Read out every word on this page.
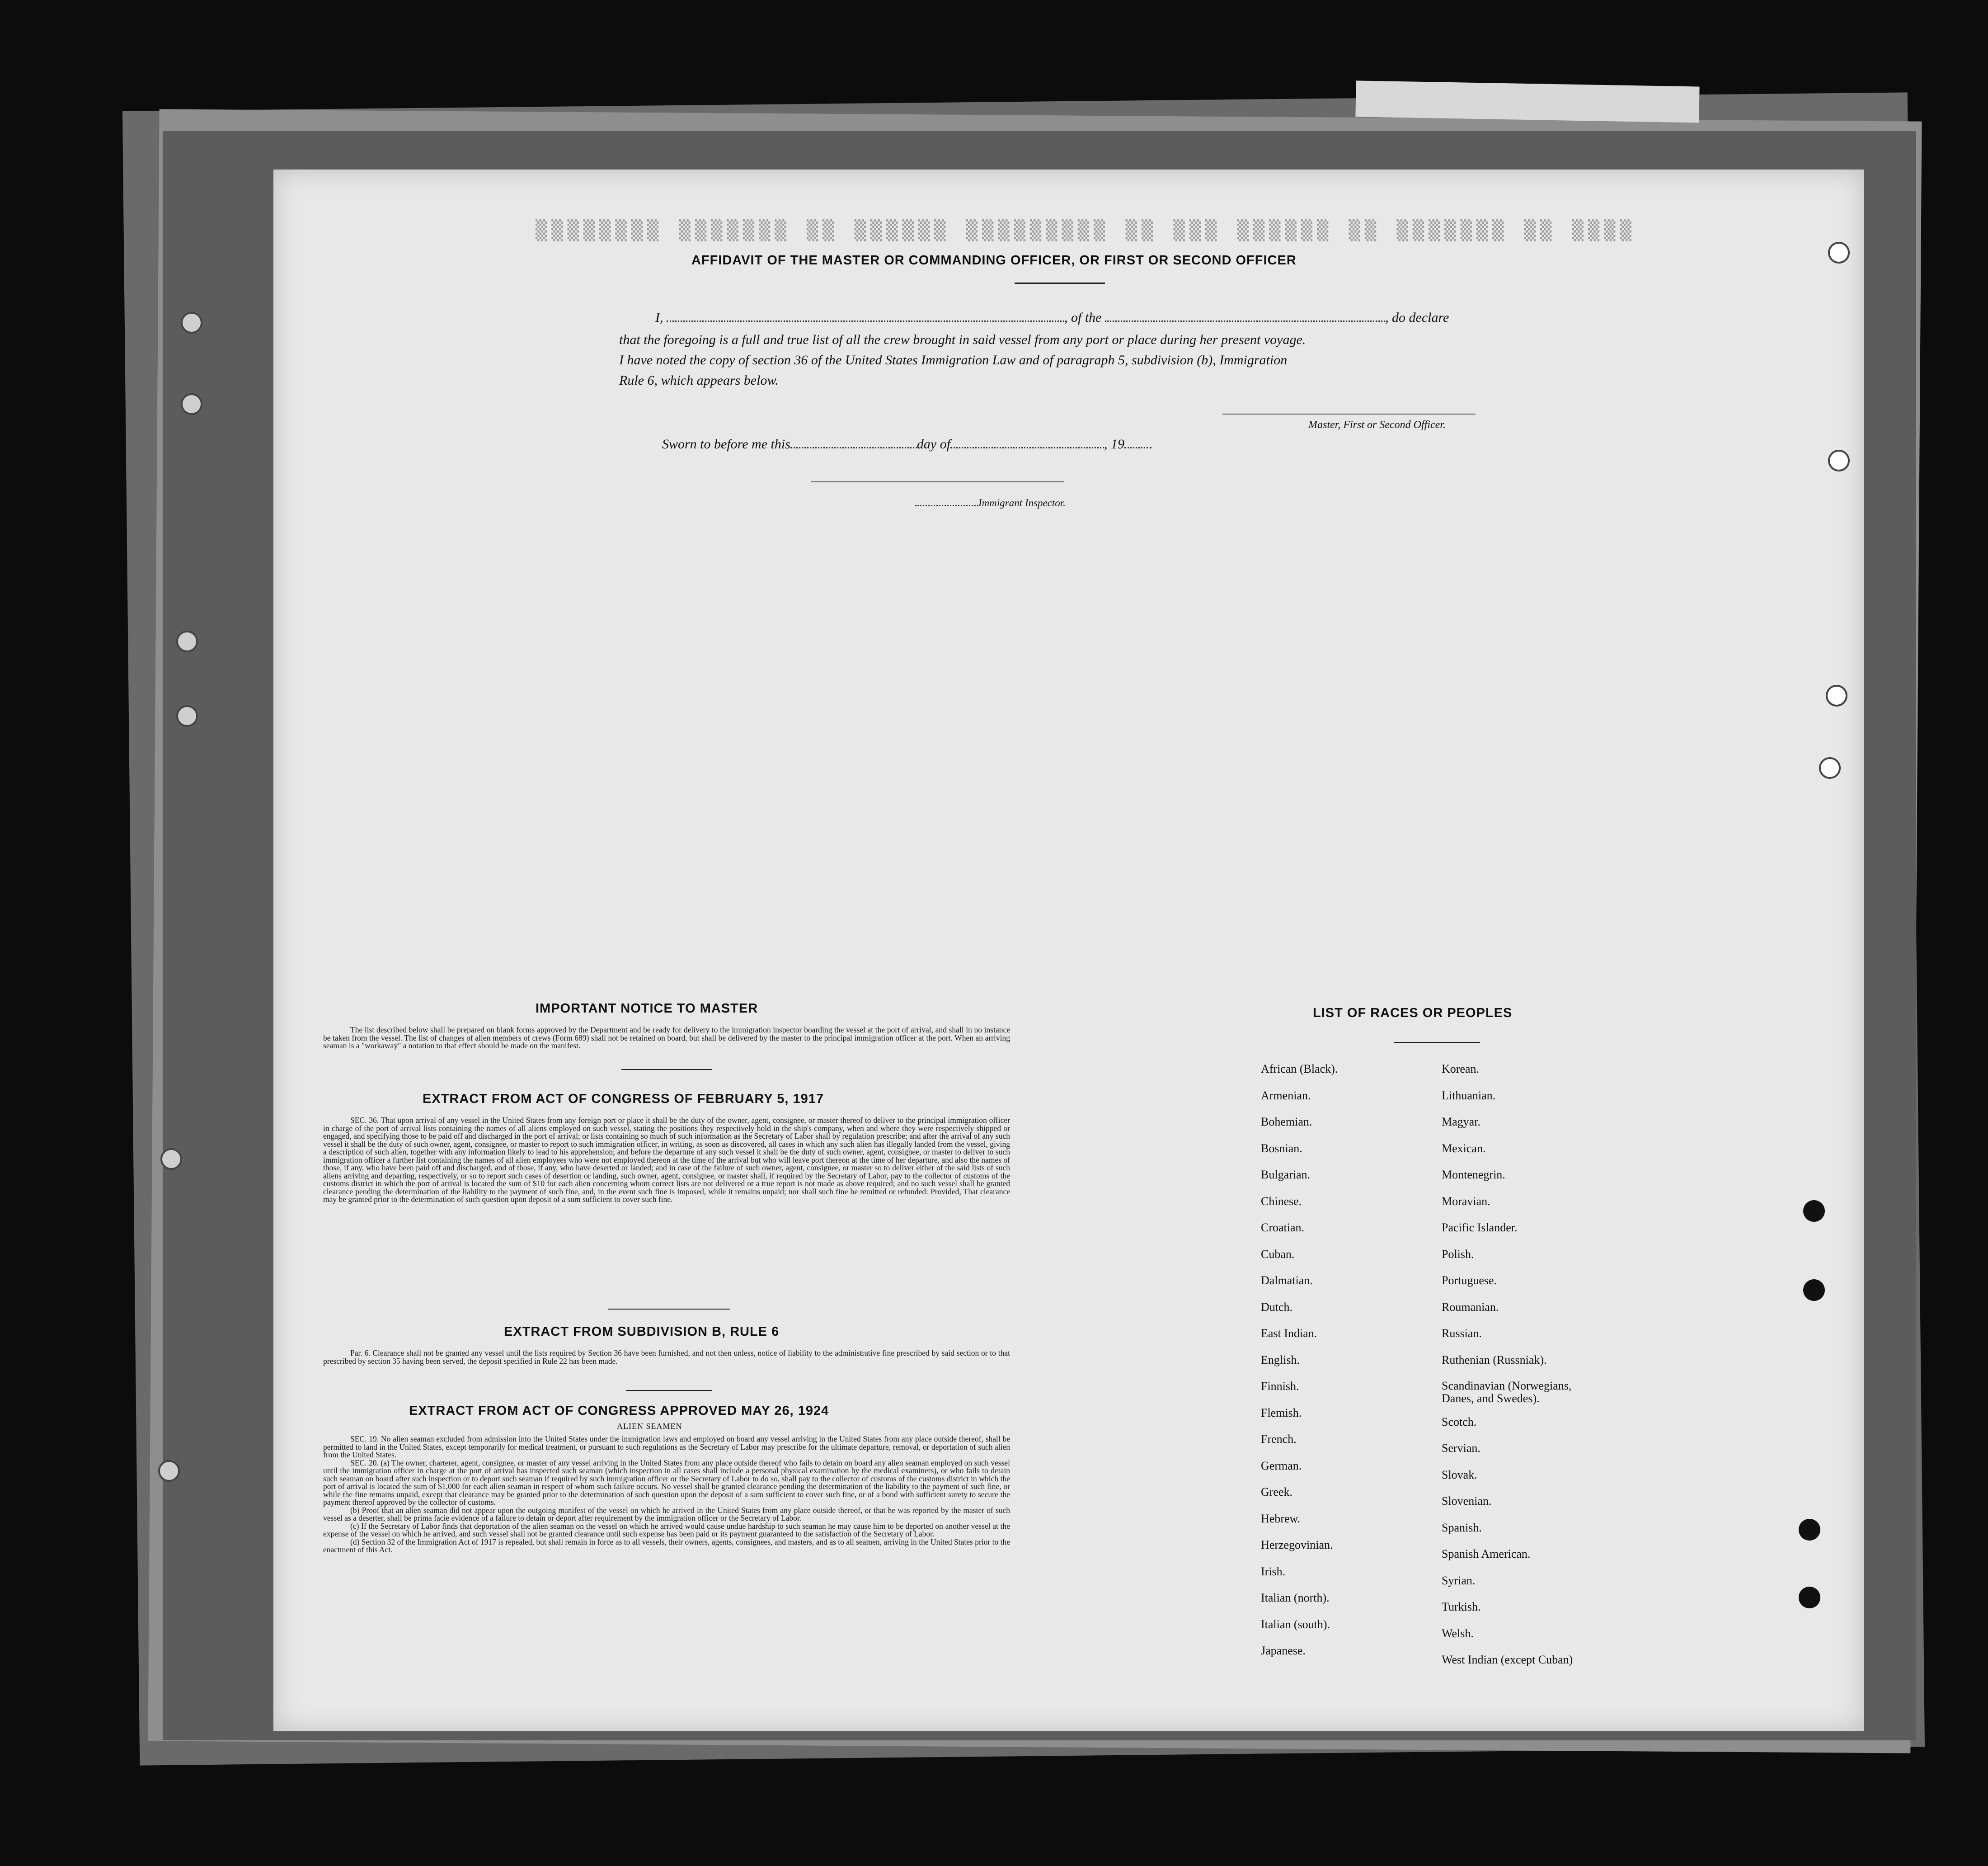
▒▒▒▒▒▒▒▒ ▒▒▒▒▒▒▒ ▒▒ ▒▒▒▒▒▒ ▒▒▒▒▒▒▒▒▒ ▒▒ ▒▒▒ ▒▒▒▒▒▒ ▒▒ ▒▒▒▒▒▒▒ ▒▒ ▒▒▒▒
AFFIDAVIT OF THE MASTER OR COMMANDING OFFICER, OR FIRST OR SECOND OFFICER
I,	, of the	, do declare
that the foregoing is a full and true list of all the crew brought in said vessel from any port or place during her present voyage.
I have noted the copy of section 36 of the United States Immigration Law and of paragraph 5, subdivision (b), Immigration
Rule 6, which appears below.
Master, First or Second Officer.
Sworn to before me this	day of	, 19
Immigrant Inspector.
IMPORTANT NOTICE TO MASTER

The list described below shall be prepared on blank forms approved by the Department and be ready for delivery to the immigration inspector boarding the vessel at the port of arrival, and shall in no instance be taken from the vessel. The list of changes of alien members of crews (Form 689) shall not be retained on board, but shall be delivered by the master to the principal immigration officer at the port. When an arriving seaman is a "workaway" a notation to that effect should be made on the manifest.

EXTRACT FROM ACT OF CONGRESS OF FEBRUARY 5, 1917

SEC. 36. That upon arrival of any vessel in the United States from any foreign port or place it shall be the duty of the owner, agent, consignee, or master thereof to deliver to the principal immigration officer in charge of the port of arrival lists containing the names of all aliens employed on such vessel, stating the positions they respectively hold in the ship's company, when and where they were respectively shipped or engaged, and specifying those to be paid off and discharged in the port of arrival; or lists containing so much of such information as the Secretary of Labor shall by regulation prescribe; and after the arrival of any such vessel it shall be the duty of such owner, agent, consignee, or master to report to such immigration officer, in writing, as soon as discovered, all cases in which any such alien has illegally landed from the vessel, giving a description of such alien, together with any information likely to lead to his apprehension; and before the departure of any such vessel it shall be the duty of such owner, agent, consignee, or master to deliver to such immigration officer a further list containing the names of all alien employees who were not employed thereon at the time of the arrival but who will leave port thereon at the time of her departure, and also the names of those, if any, who have been paid off and discharged, and of those, if any, who have deserted or landed; and in case of the failure of such owner, agent, consignee, or master so to deliver either of the said lists of such aliens arriving and departing, respectively, or so to report such cases of desertion or landing, such owner, agent, consignee, or master shall, if required by the Secretary of Labor, pay to the collector of customs of the customs district in which the port of arrival is located the sum of $10 for each alien concerning whom correct lists are not delivered or a true report is not made as above required; and no such vessel shall be granted clearance pending the determination of the liability to the payment of such fine, and, in the event such fine is imposed, while it remains unpaid; nor shall such fine be remitted or refunded: Provided, That clearance may be granted prior to the determination of such question upon deposit of a sum sufficient to cover such fine.

EXTRACT FROM SUBDIVISION B, RULE 6

Par. 6. Clearance shall not be granted any vessel until the lists required by Section 36 have been furnished, and not then unless, notice of liability to the administrative fine prescribed by said section or to that prescribed by section 35 having been served, the deposit specified in Rule 22 has been made.

EXTRACT FROM ACT OF CONGRESS APPROVED MAY 26, 1924
ALIEN SEAMEN

SEC. 19. No alien seaman excluded from admission into the United States under the immigration laws and employed on board any vessel arriving in the United States from any place outside thereof, shall be permitted to land in the United States, except temporarily for medical treatment, or pursuant to such regulations as the Secretary of Labor may prescribe for the ultimate departure, removal, or deportation of such alien from the United States.

SEC. 20. (a) The owner, charterer, agent, consignee, or master of any vessel arriving in the United States from any place outside thereof who fails to detain on board any alien seaman employed on such vessel until the immigration officer in charge at the port of arrival has inspected such seaman (which inspection in all cases shall include a personal physical examination by the medical examiners), or who fails to detain such seaman on board after such inspection or to deport such seaman if required by such immigration officer or the Secretary of Labor to do so, shall pay to the collector of customs of the customs district in which the port of arrival is located the sum of $1,000 for each alien seaman in respect of whom such failure occurs. No vessel shall be granted clearance pending the determination of the liability to the payment of such fine, or while the fine remains unpaid, except that clearance may be granted prior to the determination of such question upon the deposit of a sum sufficient to cover such fine, or of a bond with sufficient surety to secure the payment thereof approved by the collector of customs.

(b) Proof that an alien seaman did not appear upon the outgoing manifest of the vessel on which he arrived in the United States from any place outside thereof, or that he was reported by the master of such vessel as a deserter, shall be prima facie evidence of a failure to detain or deport after requirement by the immigration officer or the Secretary of Labor.

(c) If the Secretary of Labor finds that deportation of the alien seaman on the vessel on which he arrived would cause undue hardship to such seaman he may cause him to be deported on another vessel at the expense of the vessel on which he arrived, and such vessel shall not be granted clearance until such expense has been paid or its payment guaranteed to the satisfaction of the Secretary of Labor.

(d) Section 32 of the Immigration Act of 1917 is repealed, but shall remain in force as to all vessels, their owners, agents, consignees, and masters, and as to all seamen, arriving in the United States prior to the enactment of this Act.

LIST OF RACES OR PEOPLES
African (Black).
Armenian.
Bohemian.
Bosnian.
Bulgarian.
Chinese.
Croatian.
Cuban.
Dalmatian.
Dutch.
East Indian.
English.
Finnish.
Flemish.
French.
German.
Greek.
Hebrew.
Herzegovinian.
Irish.
Italian (north).
Italian (south).
Japanese.
Korean.
Lithuanian.
Magyar.
Mexican.
Montenegrin.
Moravian.
Pacific Islander.
Polish.
Portuguese.
Roumanian.
Russian.
Ruthenian (Russniak).
Scandinavian (Norwegians, Danes, and Swedes).
Scotch.
Servian.
Slovak.
Slovenian.
Spanish.
Spanish American.
Syrian.
Turkish.
Welsh.
West Indian (except Cuban)
